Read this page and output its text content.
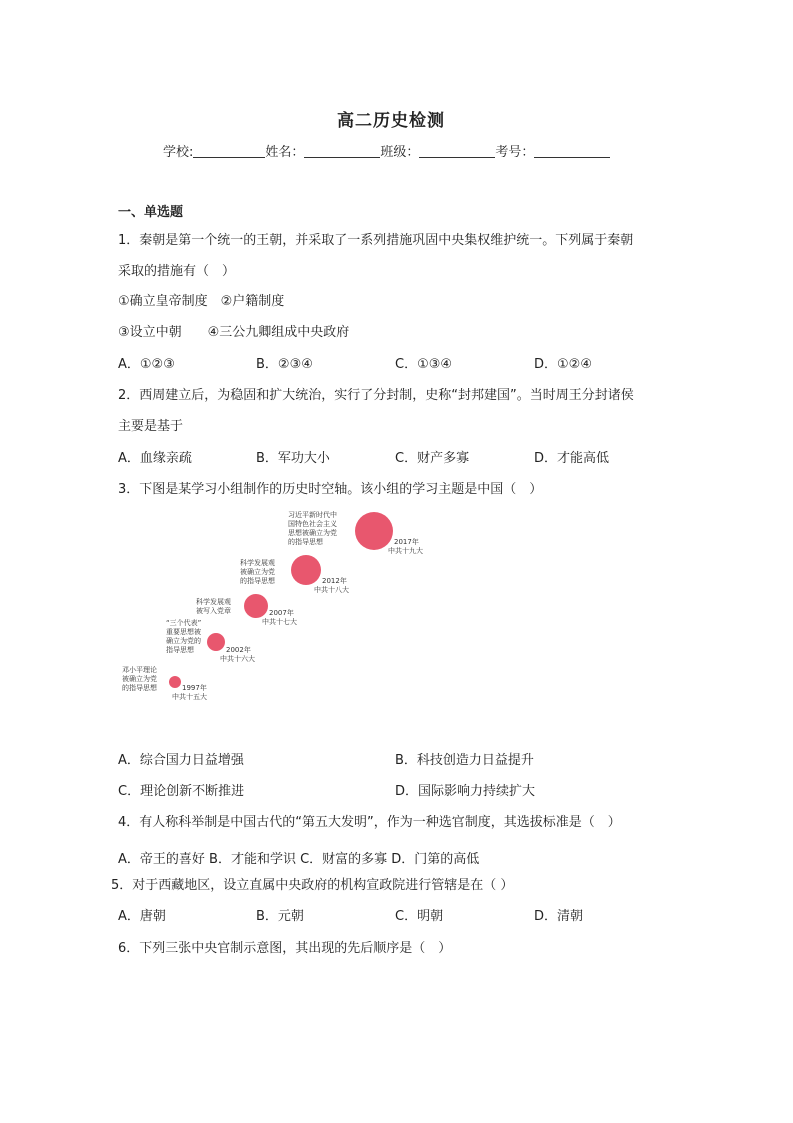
高二历史检测
学校:	姓名：	班级：	考号：
一、单选题
1．秦朝是第一个统一的王朝，并采取了一系列措施巩固中央集权维护统一。下列属于秦朝
采取的措施有（　）
①确立皇帝制度　②户籍制度
③设立中朝　　④三公九卿组成中央政府
A．①②③	B．②③④	C．①③④	D．①②④
2．西周建立后，为稳固和扩大统治，实行了分封制，史称“封邦建国”。当时周王分封诸侯
主要是基于
A．血缘亲疏	B．军功大小	C．财产多寡	D．才能高低
3．下图是某学习小组制作的历史时空轴。该小组的学习主题是中国（　）
邓小平理论
被确立为党
的指导思想	1997年
中共十五大
“三个代表”
重要思想被
确立为党的
指导思想	2002年
中共十六大
科学发展观
被写入党章	2007年
中共十七大
科学发展观
被确立为党
的指导思想	2012年
中共十八大
习近平新时代中
国特色社会主义
思想被确立为党
的指导思想	2017年
中共十九大
A．综合国力日益增强	B．科技创造力日益提升
C．理论创新不断推进	D．国际影响力持续扩大
4．有人称科举制是中国古代的“第五大发明”，作为一种选官制度，其选拔标准是（　）
A．帝王的喜好 B．才能和学识 C．财富的多寡 D．门第的高低
5．对于西藏地区，设立直属中央政府的机构宣政院进行管辖是在（ ）
A．唐朝	B．元朝	C．明朝	D．清朝
6．下列三张中央官制示意图，其出现的先后顺序是（　）
